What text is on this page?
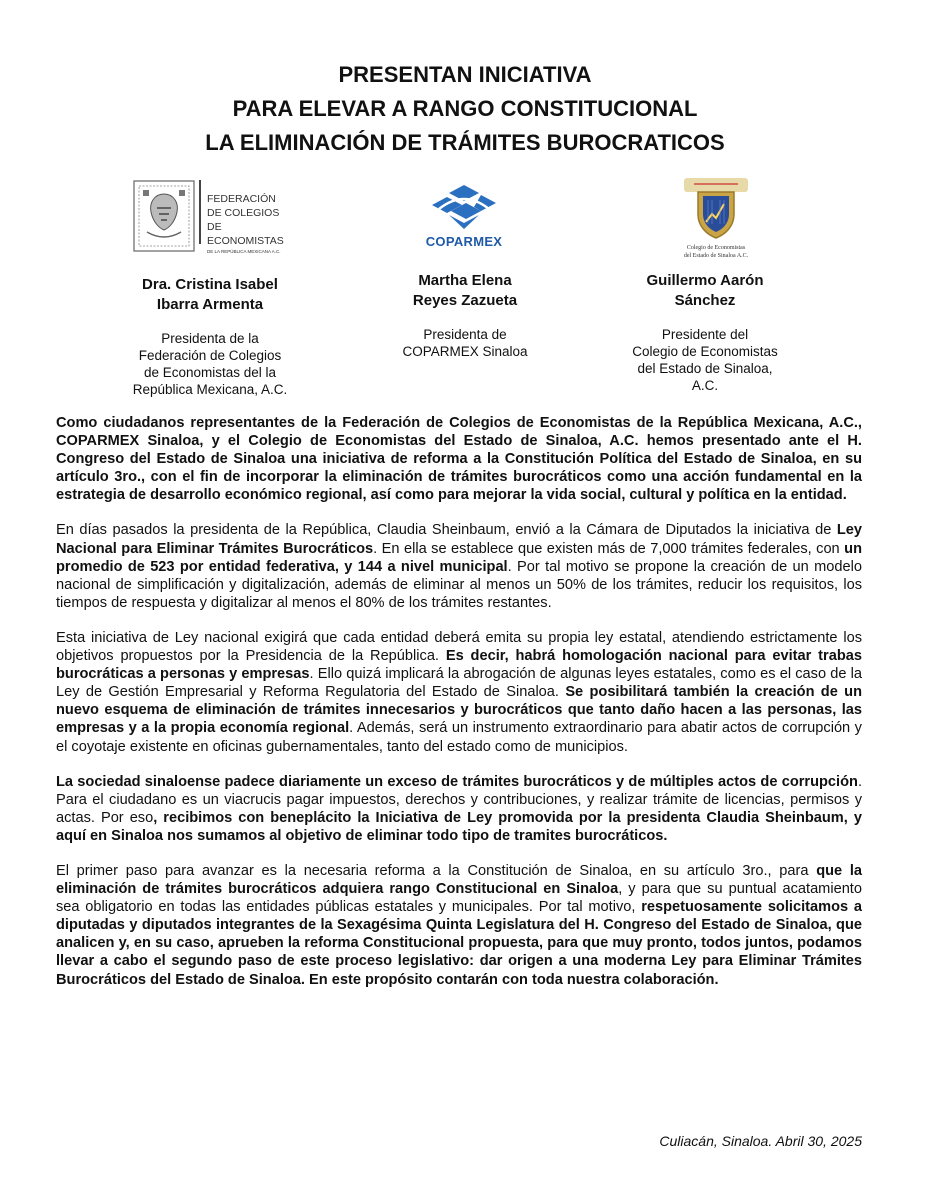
PRESENTAN INICIATIVA
PARA ELEVAR A RANGO CONSTITUCIONAL
LA ELIMINACIÓN DE TRÁMITES BUROCRATICOS
FEDERACIÓN
DE COLEGIOS
DE ECONOMISTAS
DE LA REPÚBLICA MEXICANA A.C.
COPARMEX	Colegio de Economistas
del Estado de Sinaloa A.C.
Dra. Cristina Isabel
Ibarra Armenta
Presidenta de la
Federación de Colegios
de Economistas del la
República Mexicana, A.C.
Martha Elena
Reyes Zazueta
Presidenta de
COPARMEX Sinaloa
Guillermo Aarón
Sánchez
Presidente del
Colegio de Economistas
del Estado de Sinaloa,
A.C.

Como ciudadanos representantes de la Federación de Colegios de Economistas de la República Mexicana, A.C., COPARMEX Sinaloa, y el Colegio de Economistas del Estado de Sinaloa, A.C. hemos presentado ante el H. Congreso del Estado de Sinaloa una iniciativa de reforma a la Constitución Política del Estado de Sinaloa, en su artículo 3ro., con el fin de incorporar la eliminación de trámites burocráticos como una acción fundamental en la estrategia de desarrollo económico regional, así como para mejorar la vida social, cultural y política en la entidad.

En días pasados la presidenta de la República, Claudia Sheinbaum, envió a la Cámara de Diputados la iniciativa de Ley Nacional para Eliminar Trámites Burocráticos. En ella se establece que existen más de 7,000 trámites federales, con un promedio de 523 por entidad federativa, y 144 a nivel municipal. Por tal motivo se propone la creación de un modelo nacional de simplificación y digitalización, además de eliminar al menos un 50% de los trámites, reducir los requisitos, los tiempos de respuesta y digitalizar al menos el 80% de los trámites restantes.

Esta iniciativa de Ley nacional exigirá que cada entidad deberá emita su propia ley estatal, atendiendo estrictamente los objetivos propuestos por la Presidencia de la República. Es decir, habrá homologación nacional para evitar trabas burocráticas a personas y empresas. Ello quizá implicará la abrogación de algunas leyes estatales, como es el caso de la Ley de Gestión Empresarial y Reforma Regulatoria del Estado de Sinaloa. Se posibilitará también la creación de un nuevo esquema de eliminación de trámites innecesarios y burocráticos que tanto daño hacen a las personas, las empresas y a la propia economía regional. Además, será un instrumento extraordinario para abatir actos de corrupción y el coyotaje existente en oficinas gubernamentales, tanto del estado como de municipios.

La sociedad sinaloense padece diariamente un exceso de trámites burocráticos y de múltiples actos de corrupción. Para el ciudadano es un viacrucis pagar impuestos, derechos y contribuciones, y realizar trámite de licencias, permisos y actas. Por eso, recibimos con beneplácito la Iniciativa de Ley promovida por la presidenta Claudia Sheinbaum, y aquí en Sinaloa nos sumamos al objetivo de eliminar todo tipo de tramites burocráticos.

El primer paso para avanzar es la necesaria reforma a la Constitución de Sinaloa, en su artículo 3ro., para que la eliminación de trámites burocráticos adquiera rango Constitucional en Sinaloa, y para que su puntual acatamiento sea obligatorio en todas las entidades públicas estatales y municipales. Por tal motivo, respetuosamente solicitamos a diputadas y diputados integrantes de la Sexagésima Quinta Legislatura del H. Congreso del Estado de Sinaloa, que analicen y, en su caso, aprueben la reforma Constitucional propuesta, para que muy pronto, todos juntos, podamos llevar a cabo el segundo paso de este proceso legislativo: dar origen a una moderna Ley para Eliminar Trámites Burocráticos del Estado de Sinaloa. En este propósito contarán con toda nuestra colaboración.

Culiacán, Sinaloa. Abril 30, 2025
